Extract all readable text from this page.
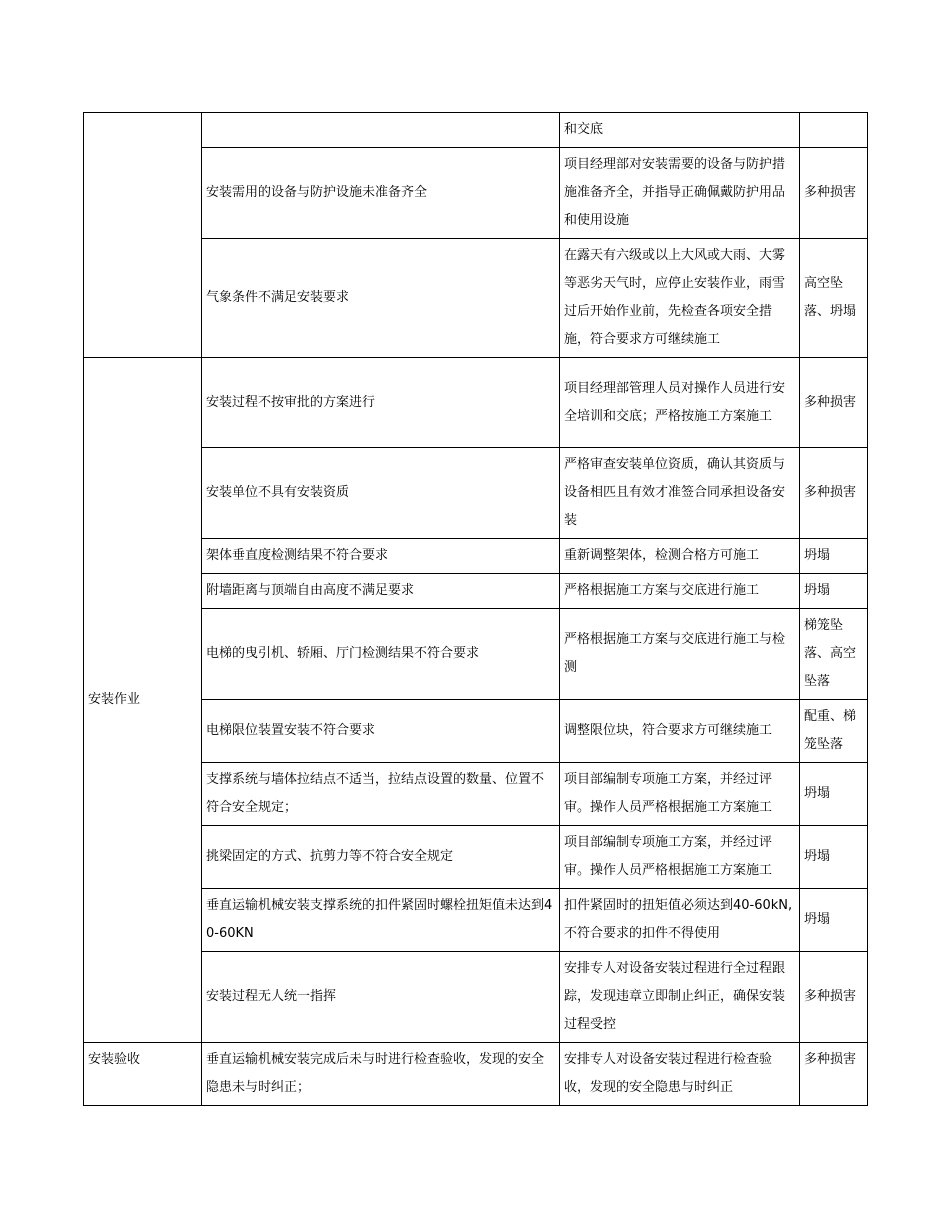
		和交底	
	安装需用的设备与防护设施未准备齐全	项目经理部对安装需要的设备与防护措施准备齐全，并指导正确佩戴防护用品和使用设施	多种损害
	气象条件不满足安装要求	在露天有六级或以上大风或大雨、大雾等恶劣天气时，应停止安装作业，雨雪过后开始作业前，先检查各项安全措施，符合要求方可继续施工	高空坠落、坍塌
安装作业	安装过程不按审批的方案进行	项目经理部管理人员对操作人员进行安全培训和交底；严格按施工方案施工	多种损害
	安装单位不具有安装资质	严格审查安装单位资质，确认其资质与设备相匹且有效才准签合同承担设备安装	多种损害
	架体垂直度检测结果不符合要求	重新调整架体，检测合格方可施工	坍塌
	附墙距离与顶端自由高度不满足要求	严格根据施工方案与交底进行施工	坍塌
	电梯的曳引机、轿厢、厅门检测结果不符合要求	严格根据施工方案与交底进行施工与检测	梯笼坠落、高空坠落
	电梯限位装置安装不符合要求	调整限位块，符合要求方可继续施工	配重、梯笼坠落
	支撑系统与墙体拉结点不适当，拉结点设置的数量、位置不符合安全规定；	项目部编制专项施工方案，并经过评审。操作人员严格根据施工方案施工	坍塌
	挑梁固定的方式、抗剪力等不符合安全规定	项目部编制专项施工方案，并经过评审。操作人员严格根据施工方案施工	坍塌
	垂直运输机械安装支撑系统的扣件紧固时螺栓扭矩值未达到40-60KN	扣件紧固时的扭矩值必须达到40-60kN,不符合要求的扣件不得使用	坍塌
	安装过程无人统一指挥	安排专人对设备安装过程进行全过程跟踪，发现违章立即制止纠正，确保安装过程受控	多种损害
安装验收	垂直运输机械安装完成后未与时进行检查验收，发现的安全隐患未与时纠正；	安排专人对设备安装过程进行检查验收，发现的安全隐患与时纠正	多种损害
